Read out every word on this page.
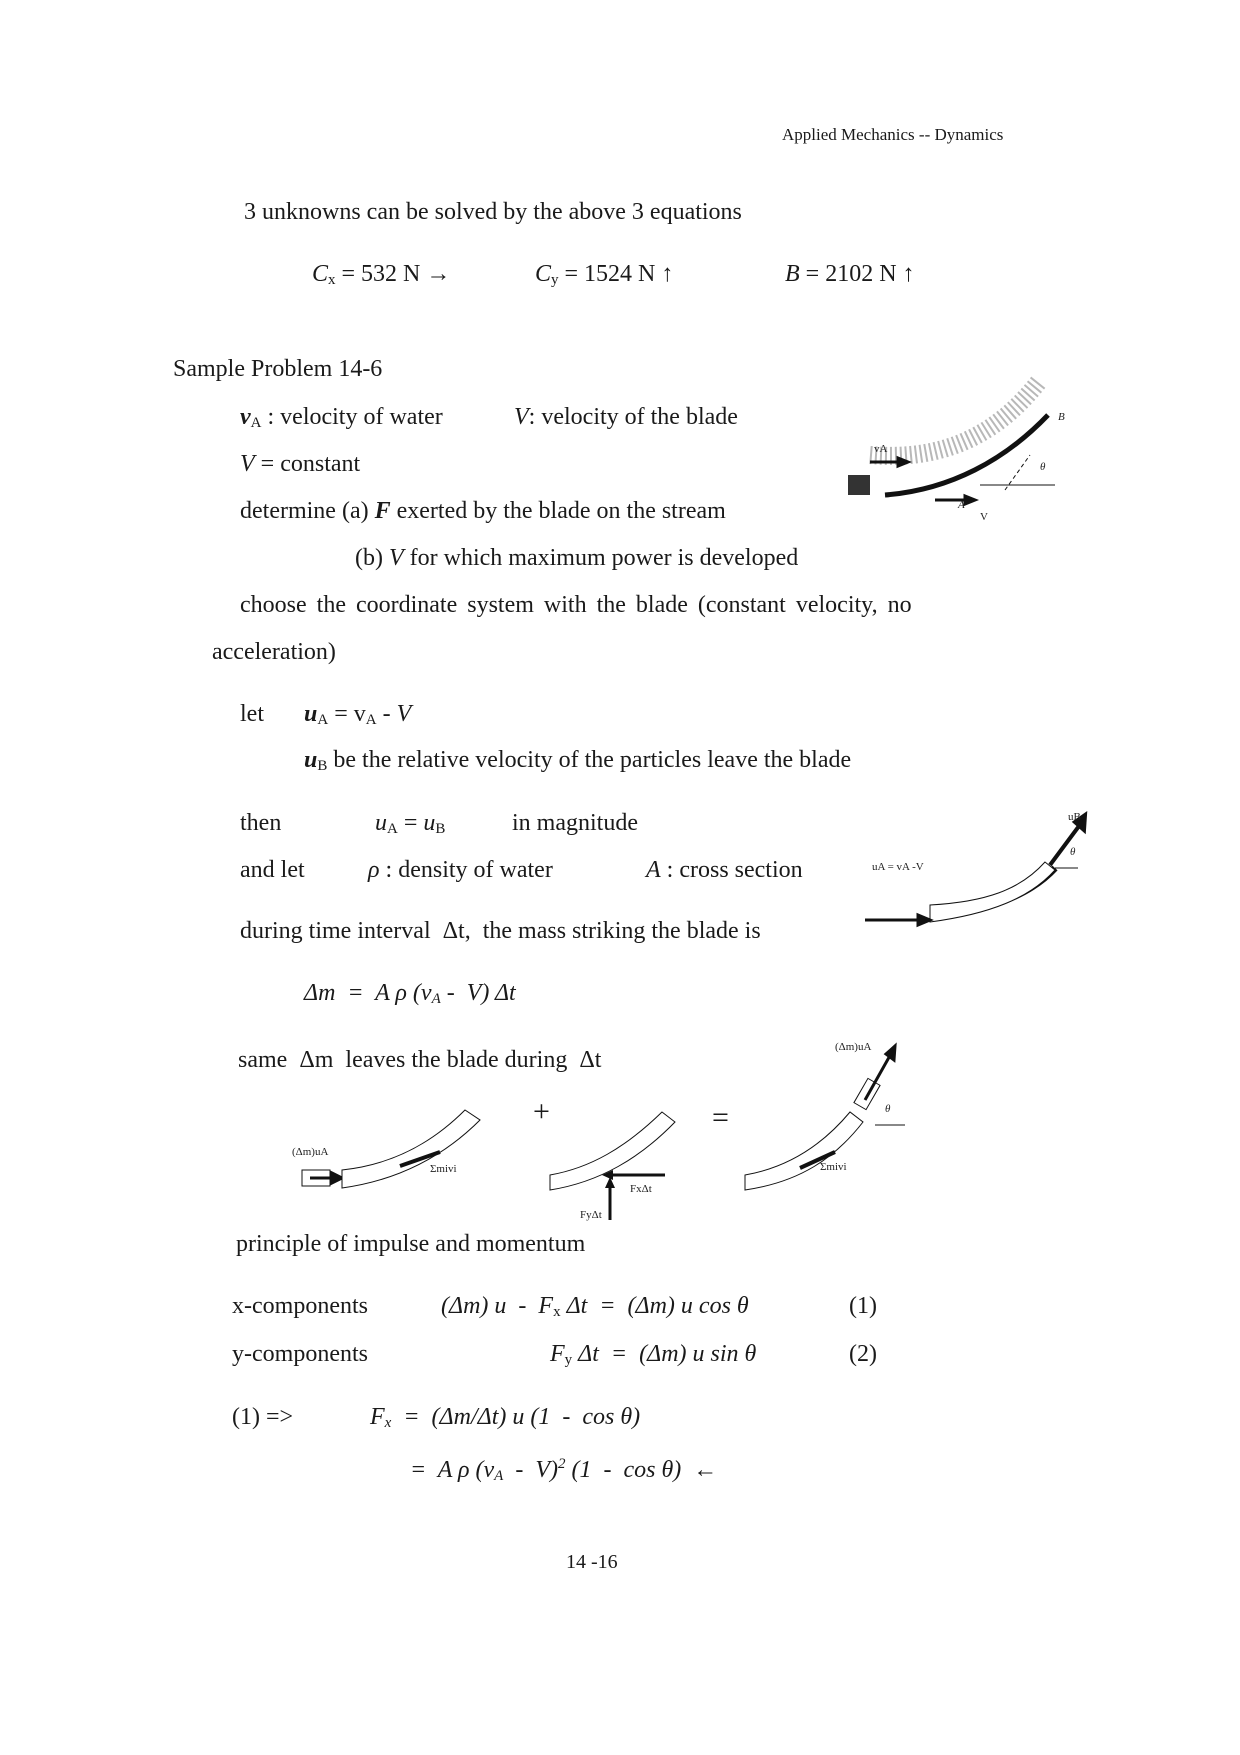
Applied Mechanics -- Dynamics
3 unknowns can be solved by the above 3 equations
$C_x = 532$ N →	$C_y = 1524$ N ↑	B = 2102 N ↑
Sample Problem 14-6
$v_A$ : velocity of water	V: velocity of the blade
V = constant
determine (a) F exerted by the blade on the stream
(b) V for which maximum power is developed
choose the coordinate system with the blade (constant velocity, no
acceleration)
let $u_A = v_A - V$
$u_B$ be the relative velocity of the particles leave the blade
then	$u_A = u_B$	in magnitude
and let	ρ : density of water	A : cross section
during time interval  Δt,  the mass striking the blade is
Δm  =  A ρ $(v_A - V)$ Δt
same  Δm  leaves the blade during  Δt
+	=
principle of impulse and momentum
x-components	(Δm) u  -  $F_x$ Δt  =  (Δm) u cos θ	(1)
y-components	$F_y$ Δt  =  (Δm) u sin θ	(2)
(1) =>	$F_x = (\Delta m/\Delta t)$ u (1  -  cos θ)
=  A ρ $(v_A - V)^2$ (1  -  cos θ)  ←
14 -16
B
A
vA
V
θ
uA = vA -V
uB
θ
(Δm)uA
Σmivi
FxΔt
FyΔt
(Δm)uA
Σmivi
θ
